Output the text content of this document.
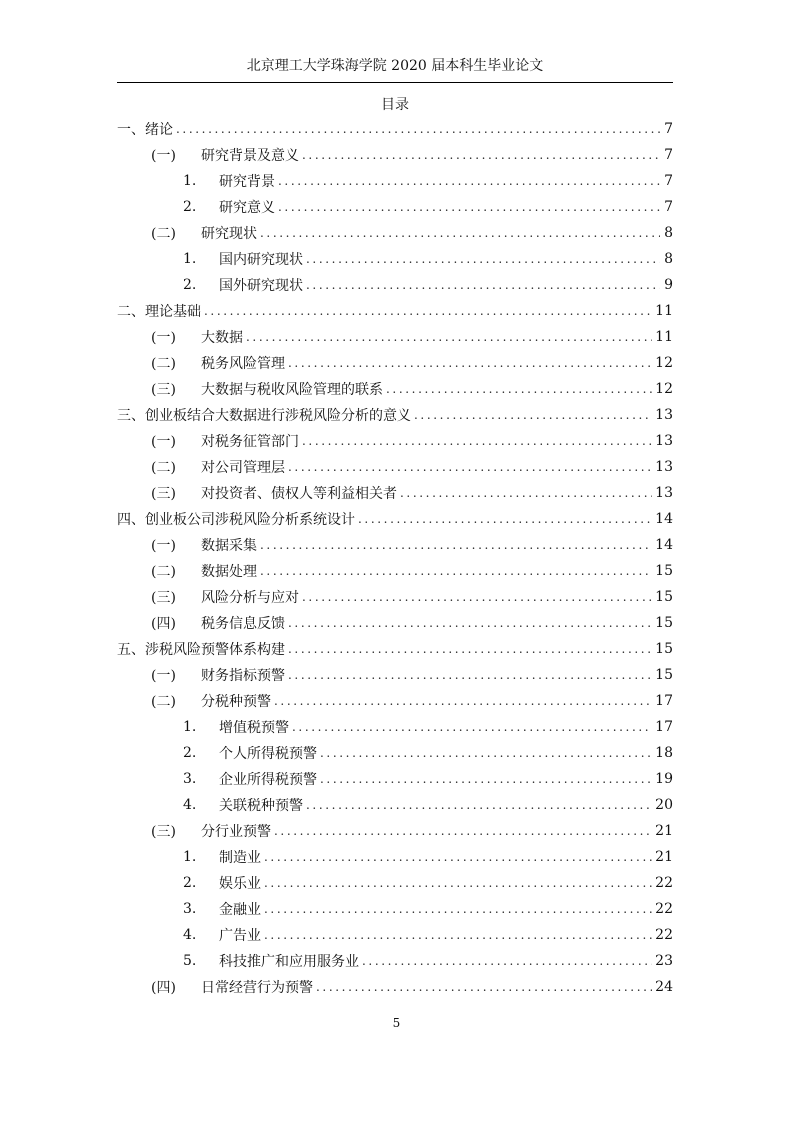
北京理工大学珠海学院 2020 届本科生毕业论文
目录
一、 绪论 .....	7
(一)	研究背景及意义 .....	7
1.	研究背景 .....	7
2.	研究意义 .....	7
(二)	研究现状 .....	8
1.	国内研究现状 .....	8
2.	国外研究现状 .....	9
二、 理论基础 .....	11
(一)	大数据 .....	11
(二)	税务风险管理 .....	12
(三)	大数据与税收风险管理的联系 .....	12
三、 创业板结合大数据进行涉税风险分析的意义 .....	13
(一)	对税务征管部门 .....	13
(二)	对公司管理层 .....	13
(三)	对投资者、债权人等利益相关者 .....	13
四、 创业板公司涉税风险分析系统设计 .....	14
(一)	数据采集 .....	14
(二)	数据处理 .....	15
(三)	风险分析与应对 .....	15
(四)	税务信息反馈 .....	15
五、 涉税风险预警体系构建 .....	15
(一)	财务指标预警 .....	15
(二)	分税种预警 .....	17
1.	增值税预警 .....	17
2.	个人所得税预警 .....	18
3.	企业所得税预警 .....	19
4.	关联税种预警 .....	20
(三)	分行业预警 .....	21
1.	制造业 .....	21
2.	娱乐业 .....	22
3.	金融业 .....	22
4.	广告业 .....	22
5.	科技推广和应用服务业 .....	23
(四)	日常经营行为预警 .....	24
5
